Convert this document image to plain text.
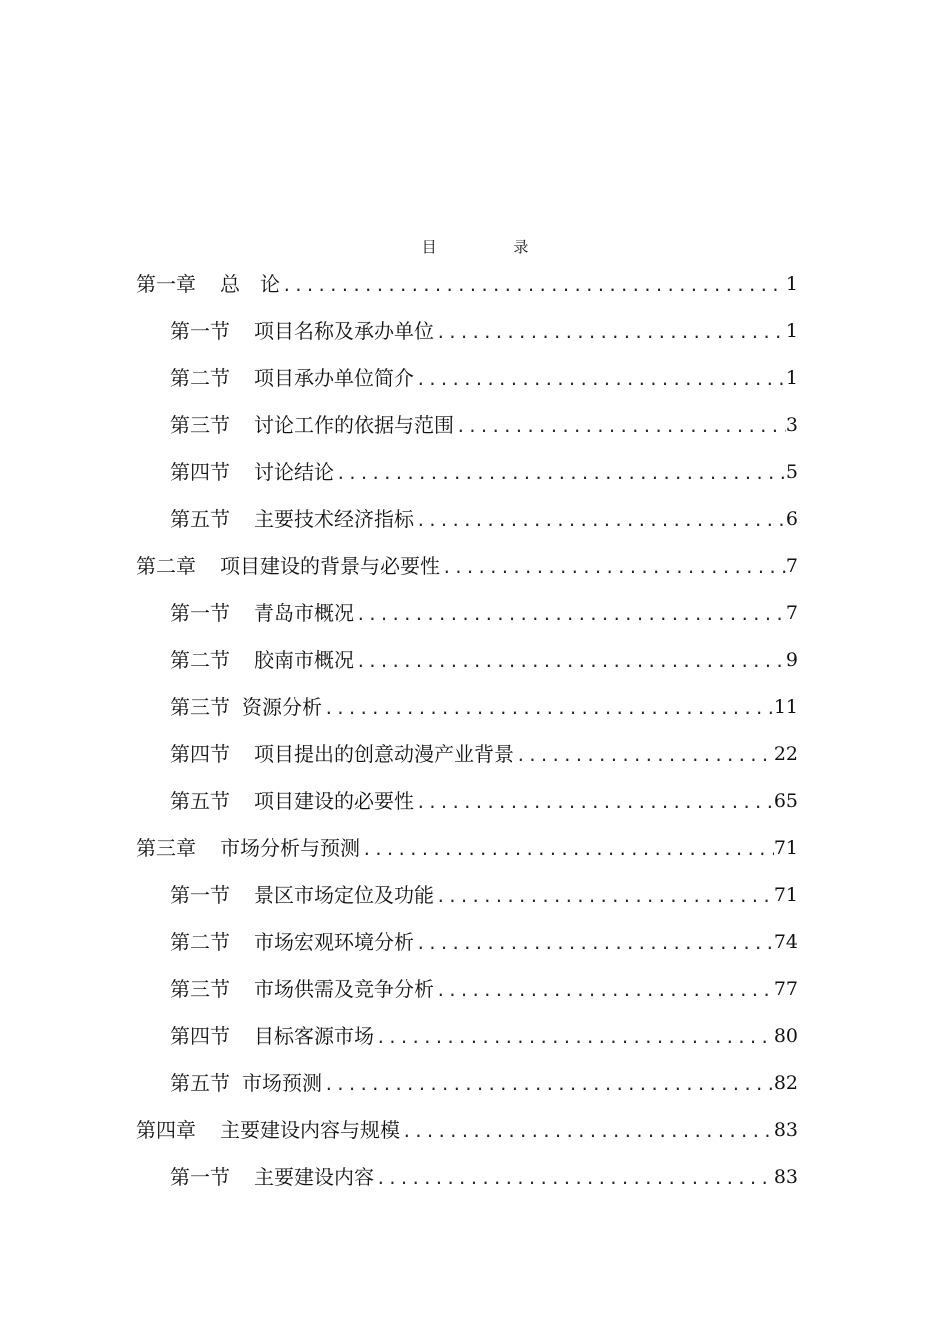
目 录
第一章 总　论 .....	1
第一节 项目名称及承办单位 .....	1
第二节 项目承办单位简介 .....	1
第三节 讨论工作的依据与范围 .....	3
第四节 讨论结论 .....	5
第五节 主要技术经济指标 .....	6
第二章 项目建设的背景与必要性 .....	7
第一节 青岛市概况 .....	7
第二节 胶南市概况 .....	9
第三节 资源分析 .....	11
第四节 项目提出的创意动漫产业背景 .....	22
第五节 项目建设的必要性 .....	65
第三章 市场分析与预测 .....	71
第一节 景区市场定位及功能 .....	71
第二节 市场宏观环境分析 .....	74
第三节 市场供需及竞争分析 .....	77
第四节 目标客源市场 .....	80
第五节 市场预测 .....	82
第四章 主要建设内容与规模 .....	83
第一节 主要建设内容 .....	83
